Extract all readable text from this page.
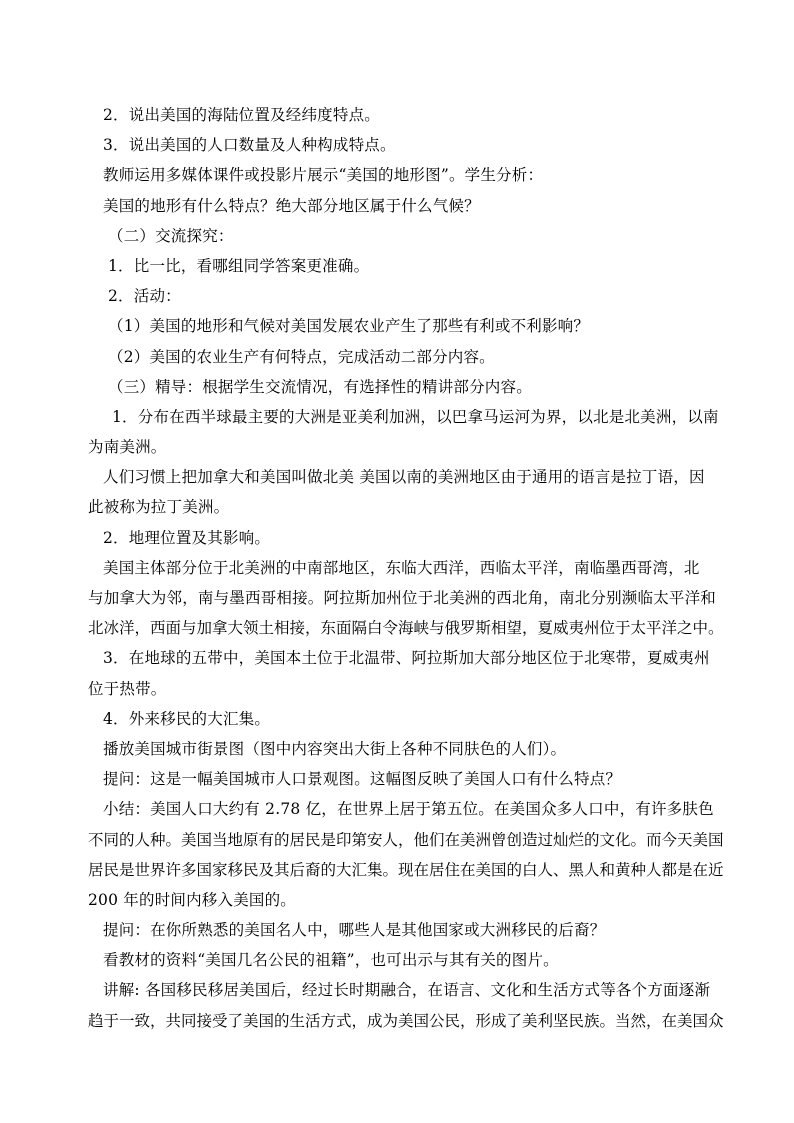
2．说出美国的海陆位置及经纬度特点。
3．说出美国的人口数量及人种构成特点。
教师运用多媒体课件或投影片展示“美国的地形图”。学生分析：
美国的地形有什么特点？绝大部分地区属于什么气候？
（二）交流探究：
1．比一比，看哪组同学答案更准确。
2．活动：
（1）美国的地形和气候对美国发展农业产生了那些有利或不利影响？
（2）美国的农业生产有何特点，完成活动二部分内容。
（三）精导：根据学生交流情况，有选择性的精讲部分内容。
1．分布在西半球最主要的大洲是亚美利加洲，以巴拿马运河为界，以北是北美洲，以南
为南美洲。
人们习惯上把加拿大和美国叫做北美 美国以南的美洲地区由于通用的语言是拉丁语，因
此被称为拉丁美洲。
2．地理位置及其影响。
美国主体部分位于北美洲的中南部地区，东临大西洋，西临太平洋，南临墨西哥湾，北
与加拿大为邻，南与墨西哥相接。阿拉斯加州位于北美洲的西北角，南北分别濒临太平洋和
北冰洋，西面与加拿大领土相接，东面隔白令海峡与俄罗斯相望，夏威夷州位于太平洋之中。
3．在地球的五带中，美国本土位于北温带、阿拉斯加大部分地区位于北寒带，夏威夷州
位于热带。
4．外来移民的大汇集。
播放美国城市街景图（图中内容突出大街上各种不同肤色的人们）。
提问：这是一幅美国城市人口景观图。这幅图反映了美国人口有什么特点？
小结：美国人口大约有 2.78 亿，在世界上居于第五位。在美国众多人口中，有许多肤色
不同的人种。美国当地原有的居民是印第安人，他们在美洲曾创造过灿烂的文化。而今天美国
居民是世界许多国家移民及其后裔的大汇集。现在居住在美国的白人、黑人和黄种人都是在近
200 年的时间内移入美国的。
提问：在你所熟悉的美国名人中，哪些人是其他国家或大洲移民的后裔？
看教材的资料“美国几名公民的祖籍”，也可出示与其有关的图片。
讲解: 各国移民移居美国后，经过长时期融合，在语言、文化和生活方式等各个方面逐渐
趋于一致，共同接受了美国的生活方式，成为美国公民，形成了美利坚民族。当然，在美国众
